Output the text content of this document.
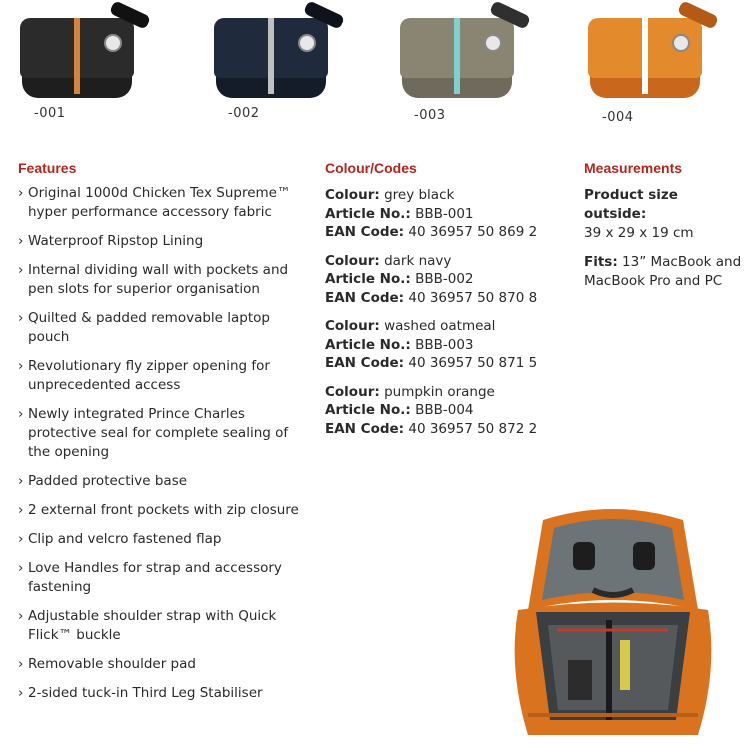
-001	-002	-003	-004
Features
› Original 1000d Chicken Tex Supreme™ hyper performance accessory fabric
› Waterproof Ripstop Lining
› Internal dividing wall with pockets and pen slots for superior organisation
› Quilted & padded removable laptop pouch
› Revolutionary fly zipper opening for unprecedented access
› Newly integrated Prince Charles protective seal for complete sealing of the opening
› Padded protective base
› 2 external front pockets with zip closure
› Clip and velcro fastened flap
› Love Handles for strap and accessory fastening
› Adjustable shoulder strap with Quick Flick™ buckle
› Removable shoulder pad
› 2-sided tuck-in Third Leg Stabiliser
Colour/Codes
Colour: grey black
Article No.: BBB-001
EAN Code: 40 36957 50 869 2
Colour: dark navy
Article No.: BBB-002
EAN Code: 40 36957 50 870 8
Colour: washed oatmeal
Article No.: BBB-003
EAN Code: 40 36957 50 871 5
Colour: pumpkin orange
Article No.: BBB-004
EAN Code: 40 36957 50 872 2
Measurements
Product size outside:
39 x 29 x 19 cm
Fits: 13” MacBook and MacBook Pro and PC
